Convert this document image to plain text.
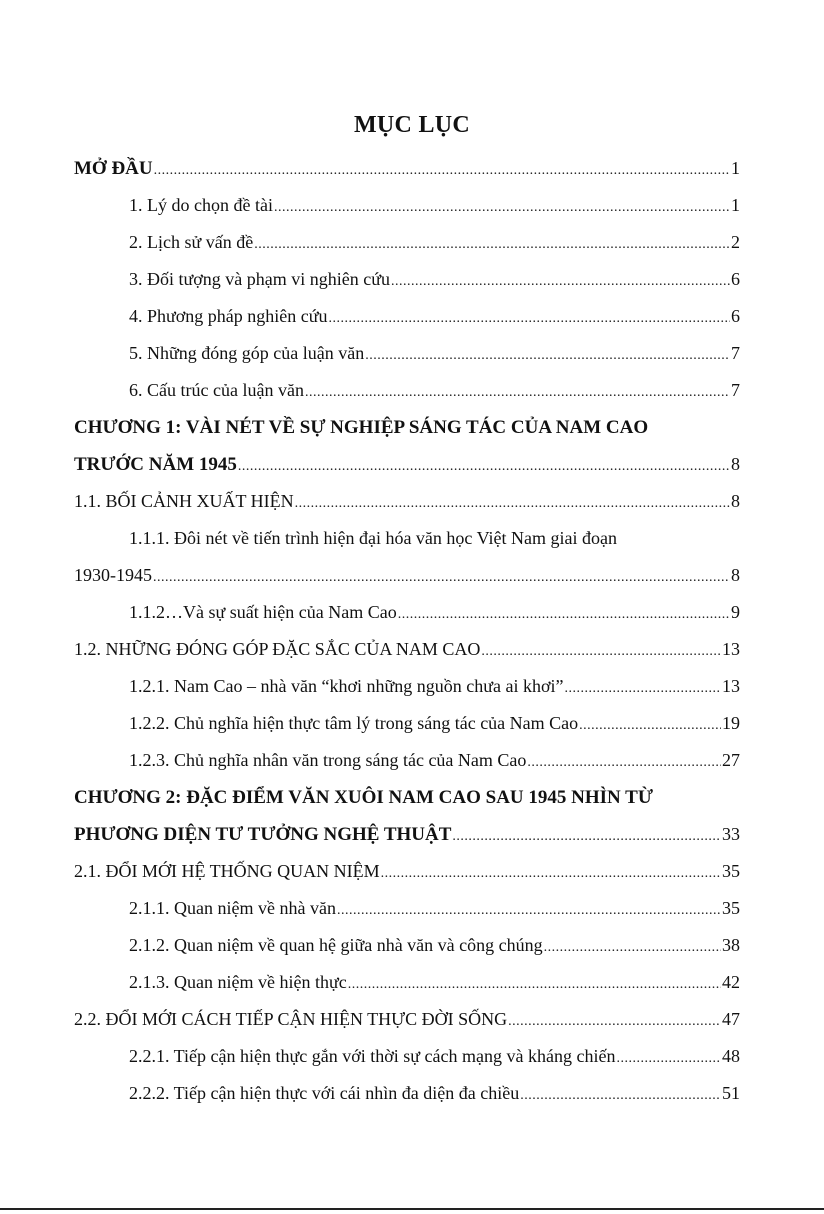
MỤC LỤC
MỞ ĐẦU .....	1
1. Lý do chọn đề tài .....	1
2. Lịch sử vấn đề .....	2
3. Đối tượng và phạm vi nghiên cứu .....	6
4. Phương pháp nghiên cứu .....	6
5. Những đóng góp của luận văn .....	7
6. Cấu trúc của luận văn .....	7
CHƯƠNG 1: VÀI NÉT VỀ SỰ NGHIỆP SÁNG TÁC CỦA NAM CAO
TRƯỚC NĂM 1945 .....	8
1.1. BỐI CẢNH XUẤT HIỆN .....	8
1.1.1. Đôi nét về tiến trình hiện đại hóa văn học Việt Nam giai đoạn
1930-1945 .....	8
1.1.2…Và sự suất hiện của Nam Cao .....	9
1.2. NHỮNG ĐÓNG GÓP ĐẶC SẮC CỦA NAM CAO .....	13
1.2.1. Nam Cao – nhà văn “khơi những nguồn chưa ai khơi” .....	13
1.2.2. Chủ nghĩa hiện thực tâm lý trong sáng tác của Nam Cao .....	19
1.2.3. Chủ nghĩa nhân văn trong sáng tác của Nam Cao .....	27
CHƯƠNG 2: ĐẶC ĐIỂM VĂN XUÔI NAM CAO SAU 1945 NHÌN TỪ
PHƯƠNG DIỆN TƯ TƯỞNG NGHỆ THUẬT .....	33
2.1. ĐỔI MỚI HỆ THỐNG QUAN NIỆM .....	35
2.1.1. Quan niệm về nhà văn .....	35
2.1.2. Quan niệm về quan hệ giữa nhà văn và công chúng .....	38
2.1.3. Quan niệm về hiện thực .....	42
2.2. ĐỔI MỚI CÁCH TIẾP CẬN HIỆN THỰC ĐỜI SỐNG .....	47
2.2.1. Tiếp cận hiện thực gắn với thời sự cách mạng và kháng chiến .....	48
2.2.2. Tiếp cận hiện thực với cái nhìn đa diện đa chiều .....	51
